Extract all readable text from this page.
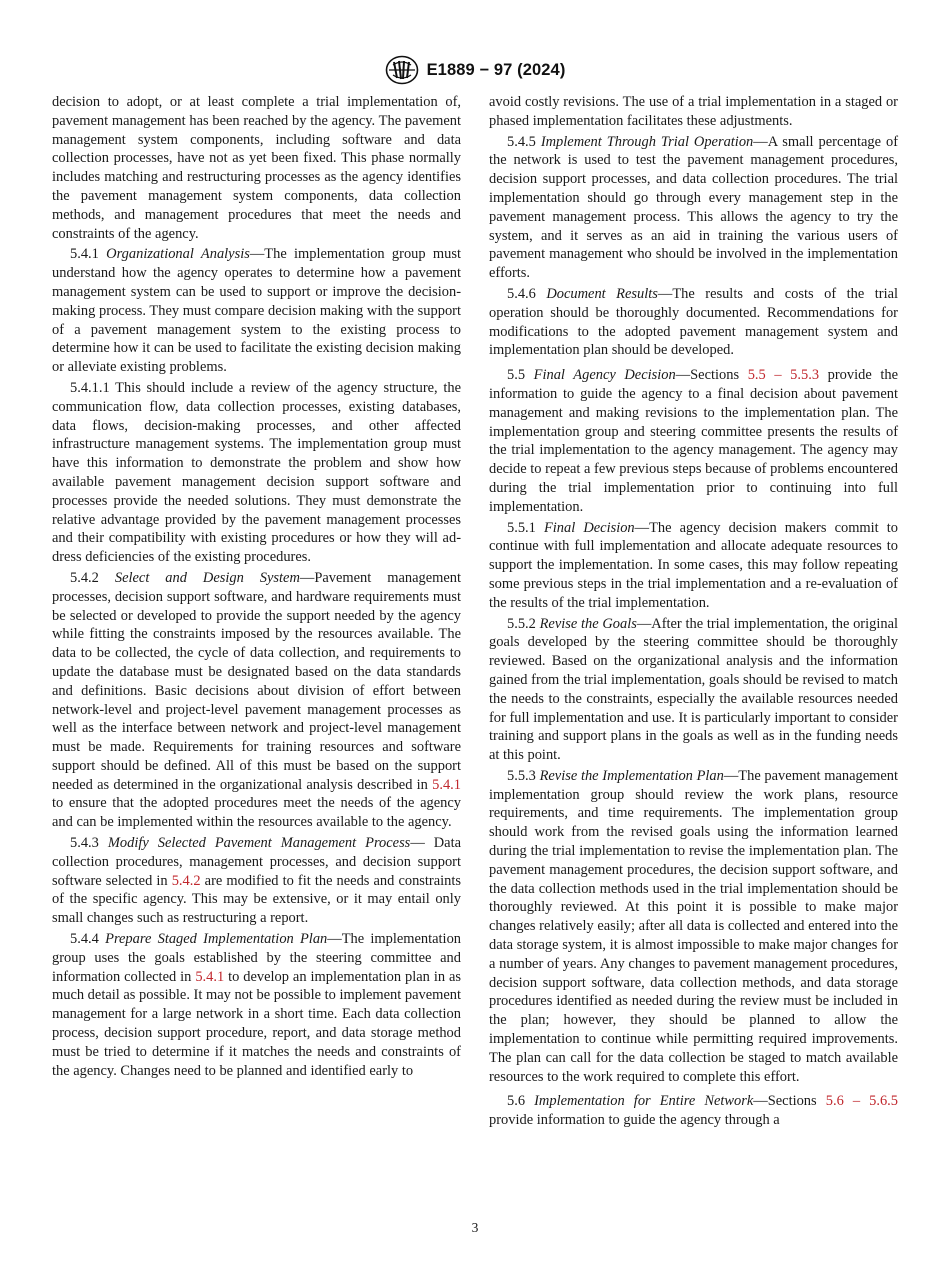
E1889 − 97 (2024)

decision to adopt, or at least complete a trial implementation of, pavement management has been reached by the agency. The pavement management system components, including software and data collection processes, have not as yet been fixed. This phase normally includes matching and restructuring processes as the agency identifies the pavement management system components, data collection methods, and management procedures that meet the needs and constraints of the agency.

5.4.1 Organizational Analysis—The implementation group must understand how the agency operates to determine how a pavement management system can be used to support or improve the decision-making process. They must compare decision making with the support of a pavement management system to the existing process to determine how it can be used to facilitate the existing decision making or alleviate existing problems.

5.4.1.1 This should include a review of the agency structure, the communication flow, data collection processes, existing databases, data flows, decision-making processes, and other affected infrastructure management systems. The implementation group must have this information to demonstrate the problem and show how available pavement management decision support software and processes provide the needed solutions. They must demonstrate the relative advantage provided by the pavement management processes and their compatibility with existing procedures or how they will address deficiencies of the existing procedures.

5.4.2 Select and Design System—Pavement management processes, decision support software, and hardware requirements must be selected or developed to provide the support needed by the agency while fitting the constraints imposed by the resources available. The data to be collected, the cycle of data collection, and requirements to update the database must be designated based on the data standards and definitions. Basic decisions about division of effort between network-level and project-level pavement management processes as well as the interface between network and project-level management must be made. Requirements for training resources and software support should be defined. All of this must be based on the support needed as determined in the organizational analysis described in 5.4.1 to ensure that the adopted procedures meet the needs of the agency and can be implemented within the resources available to the agency.

5.4.3 Modify Selected Pavement Management Process— Data collection procedures, management processes, and decision support software selected in 5.4.2 are modified to fit the needs and constraints of the specific agency. This may be extensive, or it may entail only small changes such as restructuring a report.

5.4.4 Prepare Staged Implementation Plan—The implementation group uses the goals established by the steering committee and information collected in 5.4.1 to develop an implementation plan in as much detail as possible. It may not be possible to implement pavement management for a large network in a short time. Each data collection process, decision support procedure, report, and data storage method must be tried to determine if it matches the needs and constraints of the agency. Changes need to be planned and identified early to

avoid costly revisions. The use of a trial implementation in a staged or phased implementation facilitates these adjustments.

5.4.5 Implement Through Trial Operation—A small percentage of the network is used to test the pavement management procedures, decision support processes, and data collection procedures. The trial implementation should go through every management step in the pavement management process. This allows the agency to try the system, and it serves as an aid in training the various users of pavement management who should be involved in the implementation efforts.

5.4.6 Document Results—The results and costs of the trial operation should be thoroughly documented. Recommendations for modifications to the adopted pavement management system and implementation plan should be developed.

5.5 Final Agency Decision—Sections 5.5 – 5.5.3 provide the information to guide the agency to a final decision about pavement management and making revisions to the implementation plan. The implementation group and steering committee presents the results of the trial implementation to the agency management. The agency may decide to repeat a few previous steps because of problems encountered during the trial implementation prior to continuing into full implementation.

5.5.1 Final Decision—The agency decision makers commit to continue with full implementation and allocate adequate resources to support the implementation. In some cases, this may follow repeating some previous steps in the trial implementation and a re-evaluation of the results of the trial implementation.

5.5.2 Revise the Goals—After the trial implementation, the original goals developed by the steering committee should be thoroughly reviewed. Based on the organizational analysis and the information gained from the trial implementation, goals should be revised to match the needs to the constraints, especially the available resources needed for full implementation and use. It is particularly important to consider training and support plans in the goals as well as in the funding needs at this point.

5.5.3 Revise the Implementation Plan—The pavement management implementation group should review the work plans, resource requirements, and time requirements. The implementation group should work from the revised goals using the information learned during the trial implementation to revise the implementation plan. The pavement management procedures, the decision support software, and the data collection methods used in the trial implementation should be thoroughly reviewed. At this point it is possible to make major changes relatively easily; after all data is collected and entered into the data storage system, it is almost impossible to make major changes for a number of years. Any changes to pavement management procedures, decision support software, data collection methods, and data storage procedures identified as needed during the review must be included in the plan; however, they should be planned to allow the implementation to continue while permitting required improvements. The plan can call for the data collection be staged to match available resources to the work required to complete this effort.

5.6 Implementation for Entire Network—Sections 5.6 – 5.6.5 provide information to guide the agency through a

3
